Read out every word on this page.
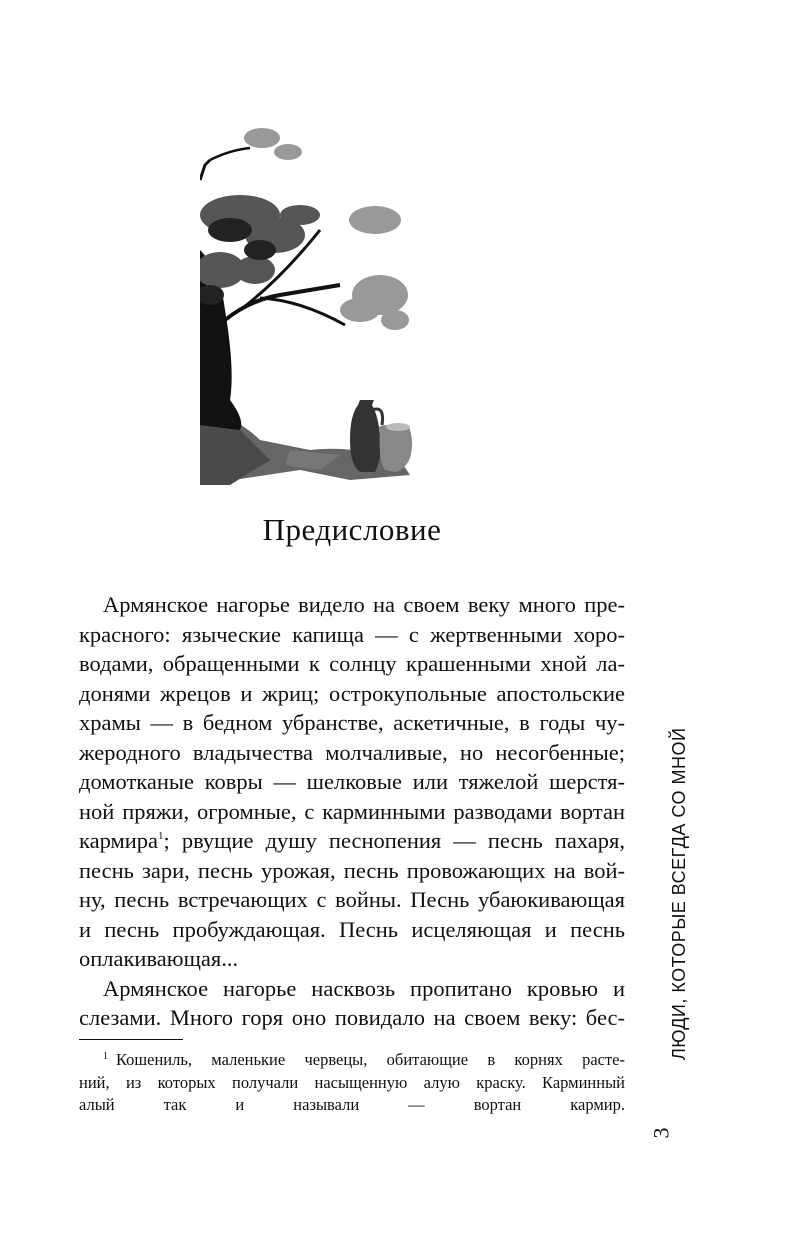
Предисловие

Армянское нагорье видело на своем веку много пре-
красного: языческие капища — с жертвенными хоро-
водами, обращенными к солнцу крашенными хной ла-
донями жрецов и жриц; острокупольные апостольские
храмы — в бедном убранстве, аскетичные, в годы чу-
жеродного владычества молчаливые, но несогбенные;
домотканые ковры — шелковые или тяжелой шерстя-
ной пряжи, огромные, с карминными разводами вортан
кармира$^1$; рвущие душу песнопения — песнь пахаря,
песнь зари, песнь урожая, песнь провожающих на вой-
ну, песнь встречающих с войны. Песнь убаюкивающая
и песнь пробуждающая. Песнь исцеляющая и песнь
оплакивающая...

Армянское нагорье насквозь пропитано кровью и
слезами. Много горя оно повидало на своем веку: бес-

$^1$ Кошениль, маленькие червецы, обитающие в корнях расте-
ний, из которых получали насыщенную алую краску. Карминный
алый так и называли — вортан кармир.
ЛЮДИ, КОТОРЫЕ ВСЕГДА СО МНОЙ
3
